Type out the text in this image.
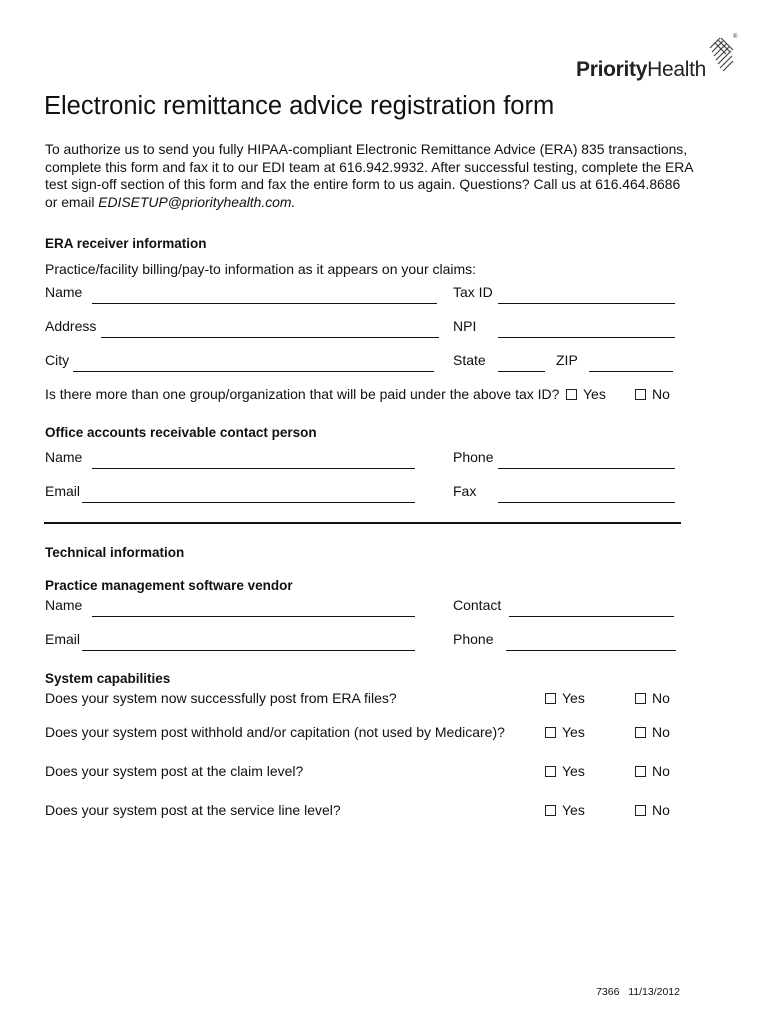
®
PriorityHealth
Electronic remittance advice registration form
To authorize us to send you fully HIPAA-compliant Electronic Remittance Advice (ERA) 835 transactions, complete this form and fax it to our EDI team at 616.942.9932. After successful testing, complete the ERA test sign-off section of this form and fax the entire form to us again. Questions? Call us at 616.464.8686 or email EDISETUP@priorityhealth.com.
ERA receiver information
Practice/facility billing/pay-to information as it appears on your claims:
Name	Tax ID
Address	NPI
City	State	ZIP
Is there more than one group/organization that will be paid under the above tax ID? Yes	No
Office accounts receivable contact person
Name	Phone
Email	Fax
Technical information
Practice management software vendor
Name	Contact
Email	Phone
System capabilities
Does your system now successfully post from ERA files?	Yes	No
Does your system post withhold and/or capitation (not used by Medicare)?	Yes	No
Does your system post at the claim level?	Yes	No
Does your system post at the service line level?	Yes	No
7366 11/13/2012
